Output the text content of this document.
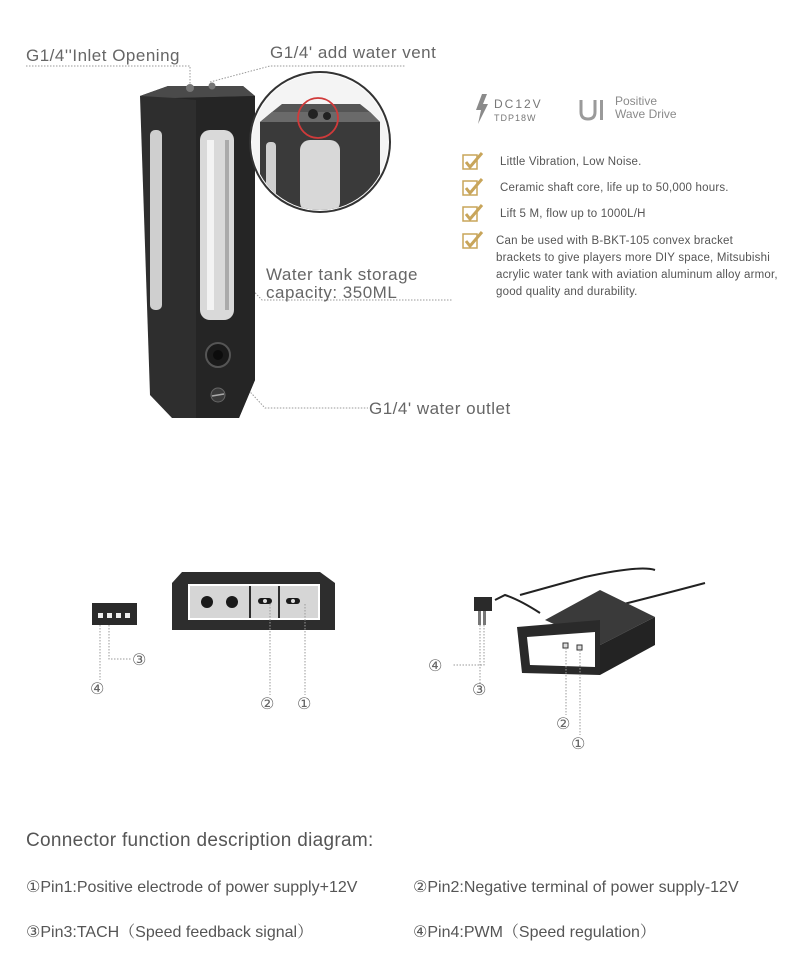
G1/4''Inlet Opening	G1/4' add water vent
Water tank storage
capacity: 350ML
G1/4' water outlet
DC12V
TDP18W
Positive
Wave Drive
Little Vibration, Low Noise.
Ceramic shaft core, life up to 50,000 hours.
Lift 5 M, flow up to 1000L/H
Can be used with B-BKT-105 convex bracket brackets to give players more DIY space, Mitsubishi acrylic water tank with aviation aluminum alloy armor, good quality and durability.
③
④
② ①
④
③
②
①
Connector function description diagram:
①Pin1:Positive electrode of power supply+12V	②Pin2:Negative terminal of power supply-12V
③Pin3:TACH（Speed feedback signal）	④Pin4:PWM（Speed regulation）
